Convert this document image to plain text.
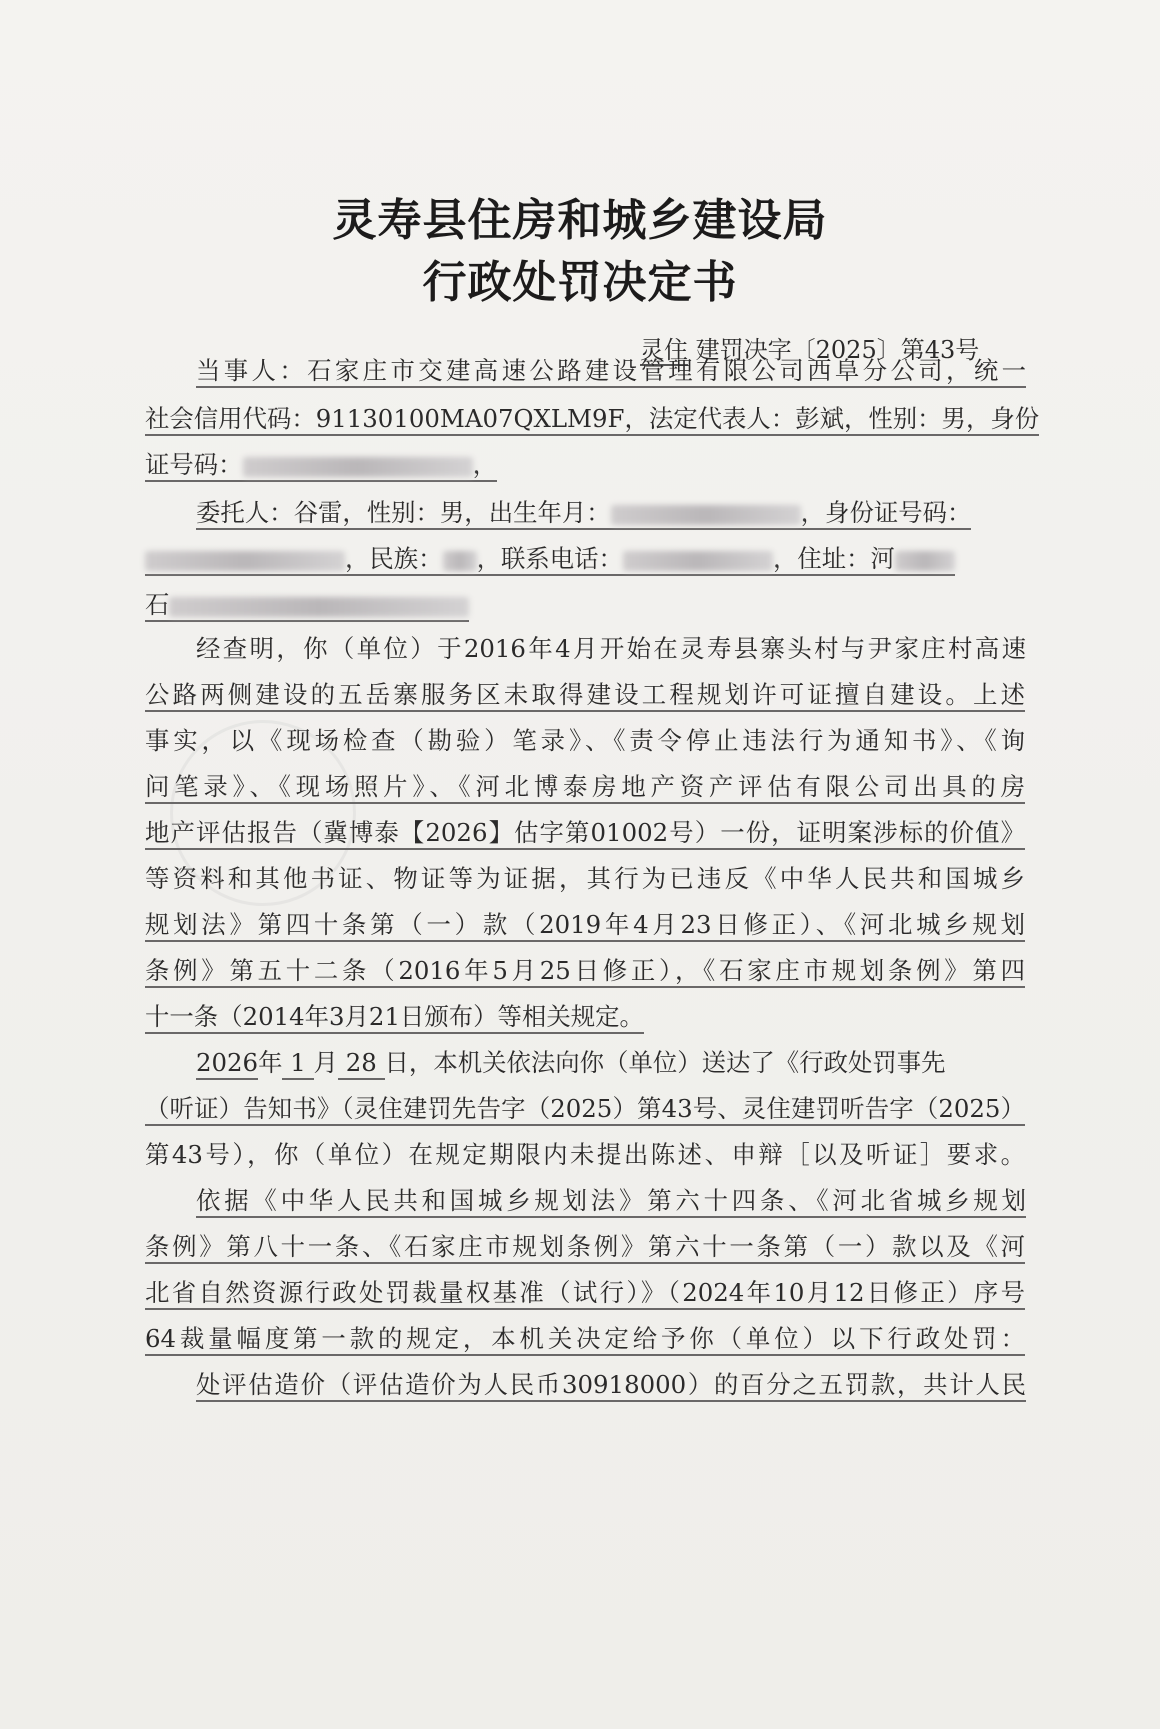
灵寿县住房和城乡建设局
行政处罚决定书
灵住 建罚决字〔2025〕第43号
当事人：石家庄市交建高速公路建设管理有限公司西阜分公司，统一
社会信用代码：91130100MA07QXLM9F，法定代表人：彭斌，性别：男，身份
证号码：	，
委托人：谷雷，性别：男，出生年月：	，身份证号码：
，民族： ，联系电话：	，住址：河
石
经查明，你（单位）于2016年4月开始在灵寿县寨头村与尹家庄村高速
公路两侧建设的五岳寨服务区未取得建设工程规划许可证擅自建设。上述
事实，以《现场检查（勘验）笔录》、《责令停止违法行为通知书》、《询
问笔录》、《现场照片》、《河北博泰房地产资产评估有限公司出具的房
地产评估报告（冀博泰【2026】估字第01002号）一份，证明案涉标的价值》
等资料和其他书证、物证等为证据，其行为已违反《中华人民共和国城乡
规划法》第四十条第（一）款（2019年4月23日修正）、《河北城乡规划
条例》第五十二条（2016年5月25日修正），《石家庄市规划条例》第四
十一条（2014年3月21日颁布）等相关规定。
2026年 1 月 28 日，本机关依法向你（单位）送达了《行政处罚事先
（听证）告知书》（灵住建罚先告字（2025）第43号、灵住建罚听告字（2025）
第43号），你（单位）在规定期限内未提出陈述、申辩［以及听证］要求。
依据《中华人民共和国城乡规划法》第六十四条、《河北省城乡规划
条例》第八十一条、《石家庄市规划条例》第六十一条第（一）款以及《河
北省自然资源行政处罚裁量权基准（试行）》（2024年10月12日修正）序号
64裁量幅度第一款的规定，本机关决定给予你（单位）以下行政处罚：
处评估造价（评估造价为人民币30918000）的百分之五罚款，共计人民
